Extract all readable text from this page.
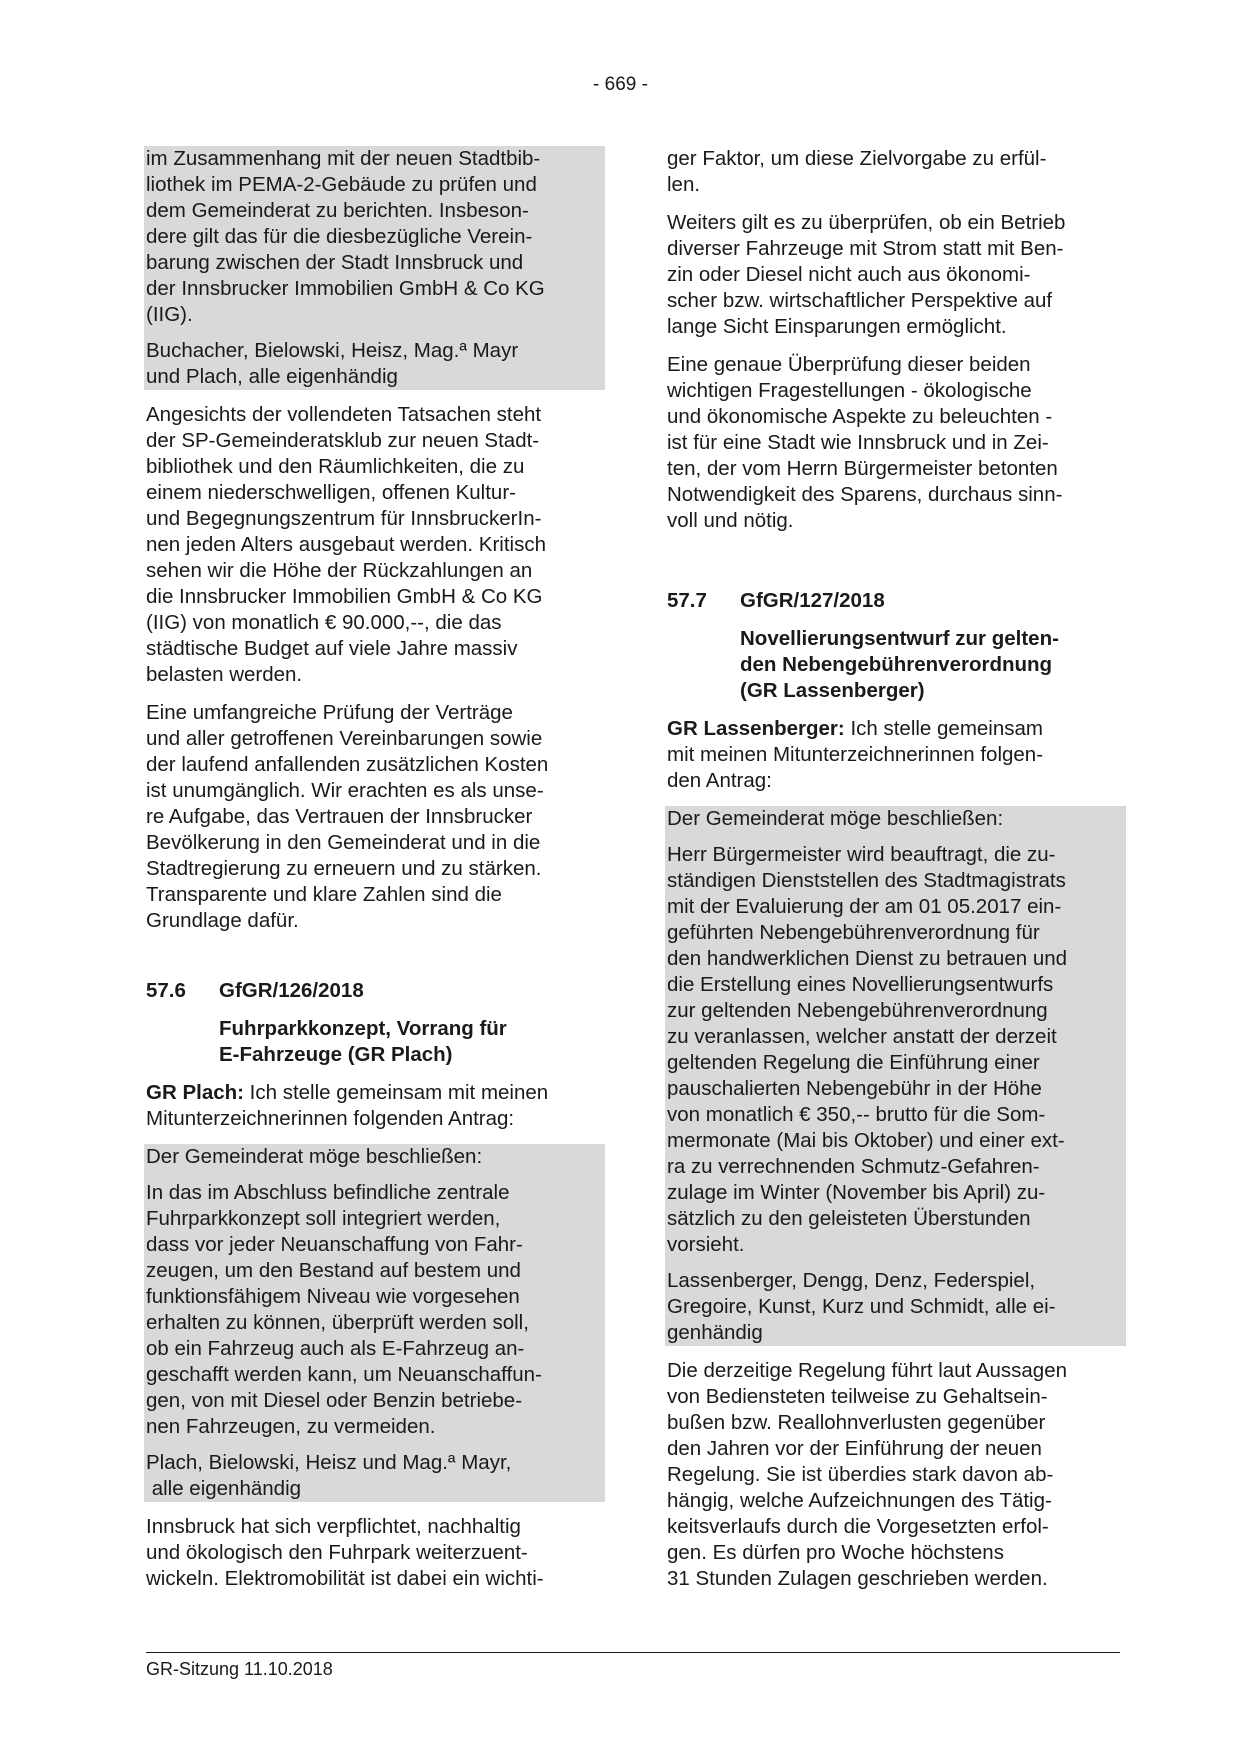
- 669 -
im Zusammenhang mit der neuen Stadtbib-
liothek im PEMA-2-Gebäude zu prüfen und
dem Gemeinderat zu berichten. Insbeson-
dere gilt das für die diesbezügliche Verein-
barung zwischen der Stadt Innsbruck und
der Innsbrucker Immobilien GmbH & Co KG
(IIG).
Buchacher, Bielowski, Heisz, Mag.ª Mayr
und Plach, alle eigenhändig
Angesichts der vollendeten Tatsachen steht
der SP-Gemeinderatsklub zur neuen Stadt-
bibliothek und den Räumlichkeiten, die zu
einem niederschwelligen, offenen Kultur-
und Begegnungszentrum für InnsbruckerIn-
nen jeden Alters ausgebaut werden. Kritisch
sehen wir die Höhe der Rückzahlungen an
die Innsbrucker Immobilien GmbH & Co KG
(IIG) von monatlich € 90.000,--, die das
städtische Budget auf viele Jahre massiv
belasten werden.
Eine umfangreiche Prüfung der Verträge
und aller getroffenen Vereinbarungen sowie
der laufend anfallenden zusätzlichen Kosten
ist unumgänglich. Wir erachten es als unse-
re Aufgabe, das Vertrauen der Innsbrucker
Bevölkerung in den Gemeinderat und in die
Stadtregierung zu erneuern und zu stärken.
Transparente und klare Zahlen sind die
Grundlage dafür.
57.6	GfGR/126/2018
Fuhrparkkonzept, Vorrang für
E-Fahrzeuge (GR Plach)
GR Plach: Ich stelle gemeinsam mit meinen
Mitunterzeichnerinnen folgenden Antrag:
Der Gemeinderat möge beschließen:
In das im Abschluss befindliche zentrale
Fuhrparkkonzept soll integriert werden,
dass vor jeder Neuanschaffung von Fahr-
zeugen, um den Bestand auf bestem und
funktionsfähigem Niveau wie vorgesehen
erhalten zu können, überprüft werden soll,
ob ein Fahrzeug auch als E-Fahrzeug an-
geschafft werden kann, um Neuanschaffun-
gen, von mit Diesel oder Benzin betriebe-
nen Fahrzeugen, zu vermeiden.
Plach, Bielowski, Heisz und Mag.ª Mayr,
alle eigenhändig
Innsbruck hat sich verpflichtet, nachhaltig
und ökologisch den Fuhrpark weiterzuent-
wickeln. Elektromobilität ist dabei ein wichti-
ger Faktor, um diese Zielvorgabe zu erfül-
len.
Weiters gilt es zu überprüfen, ob ein Betrieb
diverser Fahrzeuge mit Strom statt mit Ben-
zin oder Diesel nicht auch aus ökonomi-
scher bzw. wirtschaftlicher Perspektive auf
lange Sicht Einsparungen ermöglicht.
Eine genaue Überprüfung dieser beiden
wichtigen Fragestellungen - ökologische
und ökonomische Aspekte zu beleuchten -
ist für eine Stadt wie Innsbruck und in Zei-
ten, der vom Herrn Bürgermeister betonten
Notwendigkeit des Sparens, durchaus sinn-
voll und nötig.
57.7	GfGR/127/2018
Novellierungsentwurf zur gelten-
den Nebengebührenverordnung
(GR Lassenberger)
GR Lassenberger: Ich stelle gemeinsam
mit meinen Mitunterzeichnerinnen folgen-
den Antrag:
Der Gemeinderat möge beschließen:
Herr Bürgermeister wird beauftragt, die zu-
ständigen Dienststellen des Stadtmagistrats
mit der Evaluierung der am 01 05.2017 ein-
geführten Nebengebührenverordnung für
den handwerklichen Dienst zu betrauen und
die Erstellung eines Novellierungsentwurfs
zur geltenden Nebengebührenverordnung
zu veranlassen, welcher anstatt der derzeit
geltenden Regelung die Einführung einer
pauschalierten Nebengebühr in der Höhe
von monatlich € 350,-- brutto für die Som-
mermonate (Mai bis Oktober) und einer ext-
ra zu verrechnenden Schmutz-Gefahren-
zulage im Winter (November bis April) zu-
sätzlich zu den geleisteten Überstunden
vorsieht.
Lassenberger, Dengg, Denz, Federspiel,
Gregoire, Kunst, Kurz und Schmidt, alle ei-
genhändig
Die derzeitige Regelung führt laut Aussagen
von Bediensteten teilweise zu Gehaltsein-
bußen bzw. Reallohnverlusten gegenüber
den Jahren vor der Einführung der neuen
Regelung. Sie ist überdies stark davon ab-
hängig, welche Aufzeichnungen des Tätig-
keitsverlaufs durch die Vorgesetzten erfol-
gen. Es dürfen pro Woche höchstens
31 Stunden Zulagen geschrieben werden.
GR-Sitzung 11.10.2018
